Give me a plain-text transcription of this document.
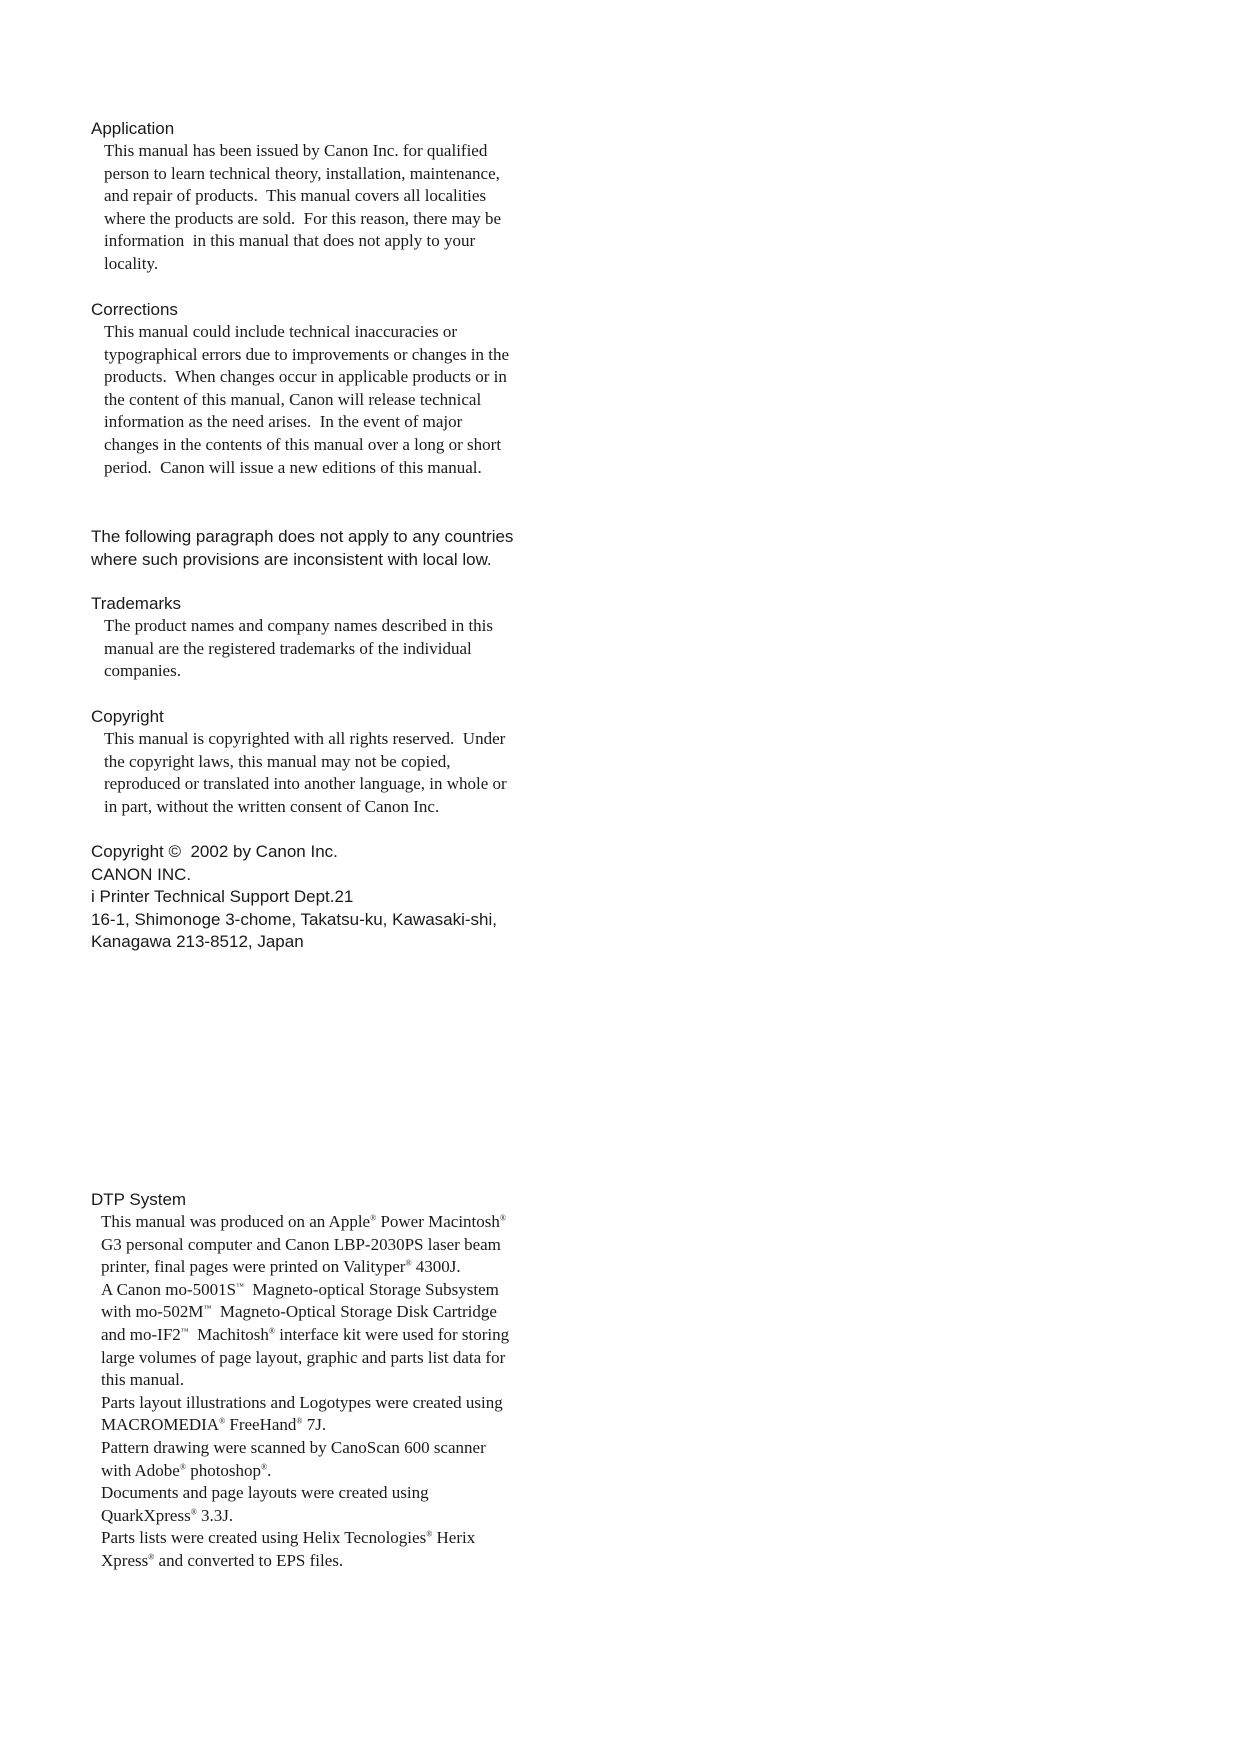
Application
This manual has been issued by Canon Inc. for qualified
person to learn technical theory, installation, maintenance,
and repair of products.  This manual covers all localities
where the products are sold.  For this reason, there may be
information  in this manual that does not apply to your
locality.
Corrections
This manual could include technical inaccuracies or
typographical errors due to improvements or changes in the
products.  When changes occur in applicable products or in
the content of this manual, Canon will release technical
information as the need arises.  In the event of major
changes in the contents of this manual over a long or short
period.  Canon will issue a new editions of this manual.
The following paragraph does not apply to any countries
where such provisions are inconsistent with local low.
Trademarks
The product names and company names described in this
manual are the registered trademarks of the individual
companies.
Copyright
This manual is copyrighted with all rights reserved.  Under
the copyright laws, this manual may not be copied,
reproduced or translated into another language, in whole or
in part, without the written consent of Canon Inc.
Copyright ©  2002 by Canon Inc.
CANON INC.
i Printer Technical Support Dept.21
16-1, Shimonoge 3-chome, Takatsu-ku, Kawasaki-shi,
Kanagawa 213-8512, Japan
DTP System
This manual was produced on an Apple® Power Macintosh®
G3 personal computer and Canon LBP-2030PS laser beam
printer, final pages were printed on Valityper® 4300J.
A Canon mo-5001S™  Magneto-optical Storage Subsystem
with mo-502M™  Magneto-Optical Storage Disk Cartridge
and mo-IF2™  Machitosh® interface kit were used for storing
large volumes of page layout, graphic and parts list data for
this manual.
Parts layout illustrations and Logotypes were created using
MACROMEDIA® FreeHand® 7J.
Pattern drawing were scanned by CanoScan 600 scanner
with Adobe® photoshop®.
Documents and page layouts were created using
QuarkXpress® 3.3J.
Parts lists were created using Helix Tecnologies® Herix
Xpress® and converted to EPS files.
